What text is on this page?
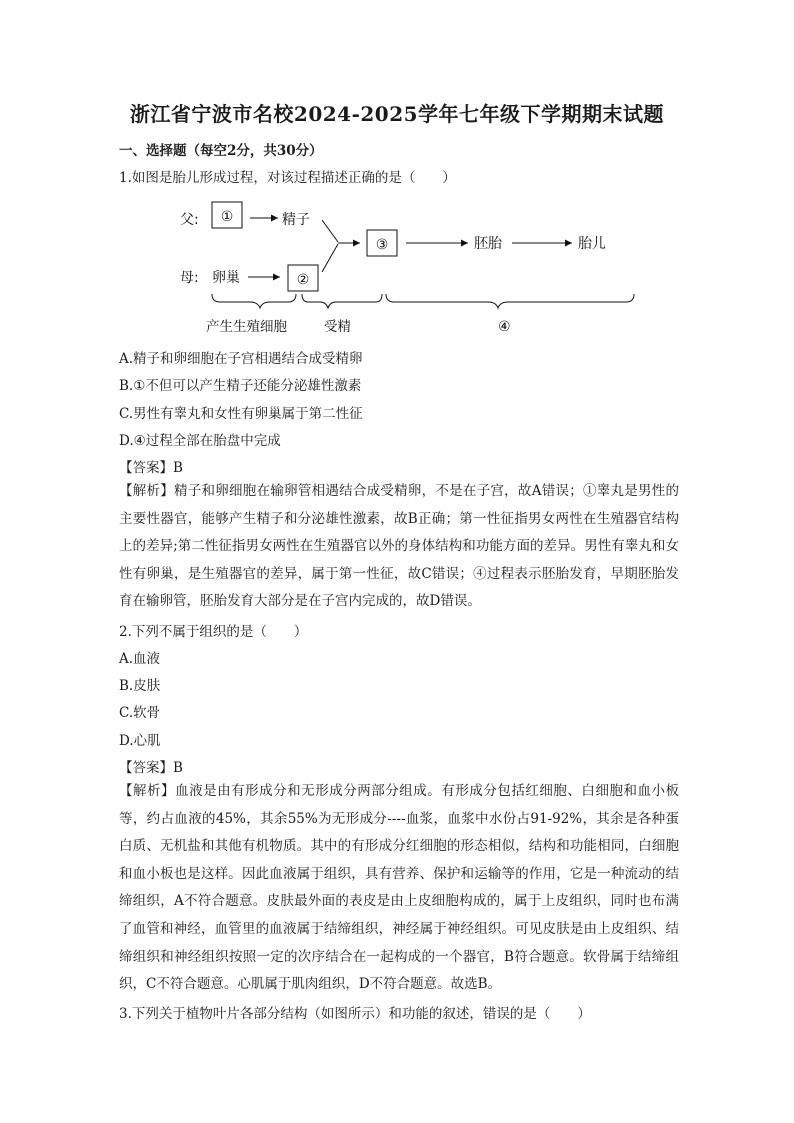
浙江省宁波市名校2024-2025学年七年级下学期期末试题
一、选择题（每空2分，共30分）
1.如图是胎儿形成过程，对该过程描述正确的是（　　）
父:
母:
①	精子
卵巢	②
③	胚胎	胎儿
产生生殖细胞	受精	④
A.精子和卵细胞在子宫相遇结合成受精卵
B.①不但可以产生精子还能分泌雄性激素
C.男性有睾丸和女性有卵巢属于第二性征
D.④过程全部在胎盘中完成
【答案】B
【解析】精子和卵细胞在输卵管相遇结合成受精卵，不是在子宫，故A错误；①睾丸是男性的主要性器官，能够产生精子和分泌雄性激素，故B正确；第一性征指男女两性在生殖器官结构上的差异;第二性征指男女两性在生殖器官以外的身体结构和功能方面的差异。男性有睾丸和女性有卵巢，是生殖器官的差异，属于第一性征，故C错误；④过程表示胚胎发育，早期胚胎发育在输卵管，胚胎发育大部分是在子宫内完成的，故D错误。
2.下列不属于组织的是（　　）
A.血液
B.皮肤
C.软骨
D.心肌
【答案】B
【解析】血液是由有形成分和无形成分两部分组成。有形成分包括红细胞、白细胞和血小板等，约占血液的45%，其余55%为无形成分----血浆，血浆中水份占91-92%，其余是各种蛋白质、无机盐和其他有机物质。其中的有形成分红细胞的形态相似，结构和功能相同，白细胞和血小板也是这样。因此血液属于组织，具有营养、保护和运输等的作用，它是一种流动的结缔组织，A不符合题意。皮肤最外面的表皮是由上皮细胞构成的，属于上皮组织，同时也布满了血管和神经，血管里的血液属于结缔组织，神经属于神经组织。可见皮肤是由上皮组织、结缔组织和神经组织按照一定的次序结合在一起构成的一个器官，B符合题意。软骨属于结缔组织，C不符合题意。心肌属于肌肉组织，D不符合题意。故选B。
3.下列关于植物叶片各部分结构（如图所示）和功能的叙述，错误的是（　　）
